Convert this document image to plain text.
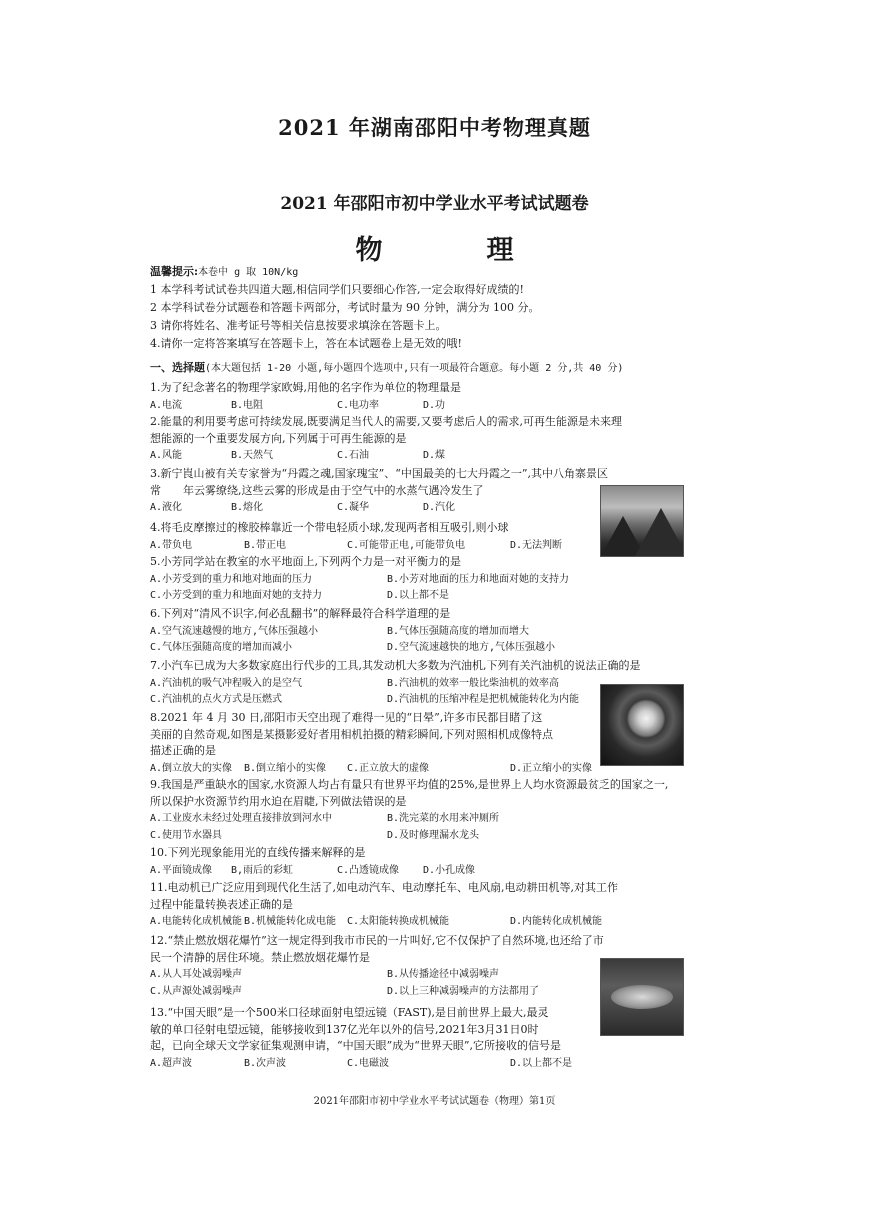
2021 年湖南邵阳中考物理真题
2021 年邵阳市初中学业水平考试试题卷
物理
温馨提示:本卷中 g 取 10N/kg
1 本学科考试试卷共四道大题,相信同学们只要细心作答,一定会取得好成绩的!
2 本学科试卷分试题卷和答题卡两部分，考试时量为 90 分钟，满分为 100 分。
3 请你将姓名、准考证号等相关信息按要求填涂在答题卡上。
4.请你一定将答案填写在答题卡上，答在本试题卷上是无效的哦!
一、选择题(本大题包括 1-20 小题,每小题四个选项中,只有一项最符合题意。每小题 2 分,共 40 分)
1.为了纪念著名的物理学家欧姆,用他的名字作为单位的物理量是
A.电流	B.电阻	C.电功率	D.功
2.能量的利用要考虑可持续发展,既要满足当代人的需要,又要考虑后人的需求,可再生能源是未来理
想能源的一个重要发展方向,下列属于可再生能源的是
A.风能	B.天然气	C.石油	D.煤
3.新宁崀山被有关专家誉为“丹霞之魂,国家瑰宝”、“中国最美的七大丹霞之一”,其中八角寨景区
常　　年云雾缭绕,这些云雾的形成是由于空气中的水蒸气遇冷发生了
A.液化	B.熔化	C.凝华	D.汽化
4.将毛皮摩擦过的橡胶棒靠近一个带电轻质小球,发现两者相互吸引,则小球
A.带负电	B.带正电	C.可能带正电,可能带负电	D.无法判断
5.小芳同学站在教室的水平地面上,下列两个力是一对平衡力的是
A.小芳受到的重力和地对地面的压力	B.小芳对地面的压力和地面对她的支持力
C.小芳受到的重力和地面对她的支持力	D.以上都不是
6.下列对“清风不识字,何必乱翻书”的解释最符合科学道理的是
A.空气流速越慢的地方,气体压强越小	B.气体压强随高度的增加而增大
C.气体压强随高度的增加而减小	D.空气流速越快的地方,气体压强越小
7.小汽车已成为大多数家庭出行代步的工具,其发动机大多数为汽油机,下列有关汽油机的说法正确的是
A.汽油机的吸气冲程吸入的是空气	B.汽油机的效率一般比柴油机的效率高
C.汽油机的点火方式是压燃式	D.汽油机的压缩冲程是把机械能转化为内能
8.2021 年 4 月 30 日,邵阳市天空出现了难得一见的“日晕”,许多市民都目睹了这
美丽的自然奇观,如图是某摄影爱好者用相机拍摄的精彩瞬间,下列对照相机成像特点
描述正确的是
A.倒立放大的实像 B.倒立缩小的实像 C.正立放大的虚像	D.正立缩小的实像
9.我国是严重缺水的国家,水资源人均占有量只有世界平均值的25%,是世界上人均水资源最贫乏的国家之一,
所以保护水资源节约用水迫在眉睫,下列做法错误的是
A.工业废水未经过处理直接排放到河水中	B.洗完菜的水用来冲厕所
C.使用节水器具	D.及时修理漏水龙头
10.下列光现象能用光的直线传播来解释的是
A.平面镜成像 B,雨后的彩虹	C.凸透镜成像 D.小孔成像
11.电动机已广泛应用到现代化生活了,如电动汽车、电动摩托车、电风扇,电动耕田机等,对其工作
过程中能量转换表述正确的是
A.电能转化成机械能 B.机械能转化成电能 C.太阳能转换成机械能	D.内能转化成机械能
12.“禁止燃放烟花爆竹”这一规定得到我市市民的一片叫好,它不仅保护了自然环境,也还给了市
民一个清静的居住环境。禁止燃放烟花爆竹是
A.从人耳处减弱噪声	B.从传播途径中减弱噪声
C.从声源处减弱噪声	D.以上三种减弱噪声的方法都用了
13.“中国天眼”是一个500米口径球面射电望远镜（FAST),是目前世界上最大,最灵
敏的单口径射电望远镜，能够接收到137亿光年以外的信号,2021年3月31日0时
起，已向全球天文学家征集观测申请，“中国天眼”成为“世界天眼”,它所接收的信号是
A.超声波	B.次声波	C.电磁波	D.以上都不是
2021年邵阳市初中学业水平考试试题卷（物理）第1页
